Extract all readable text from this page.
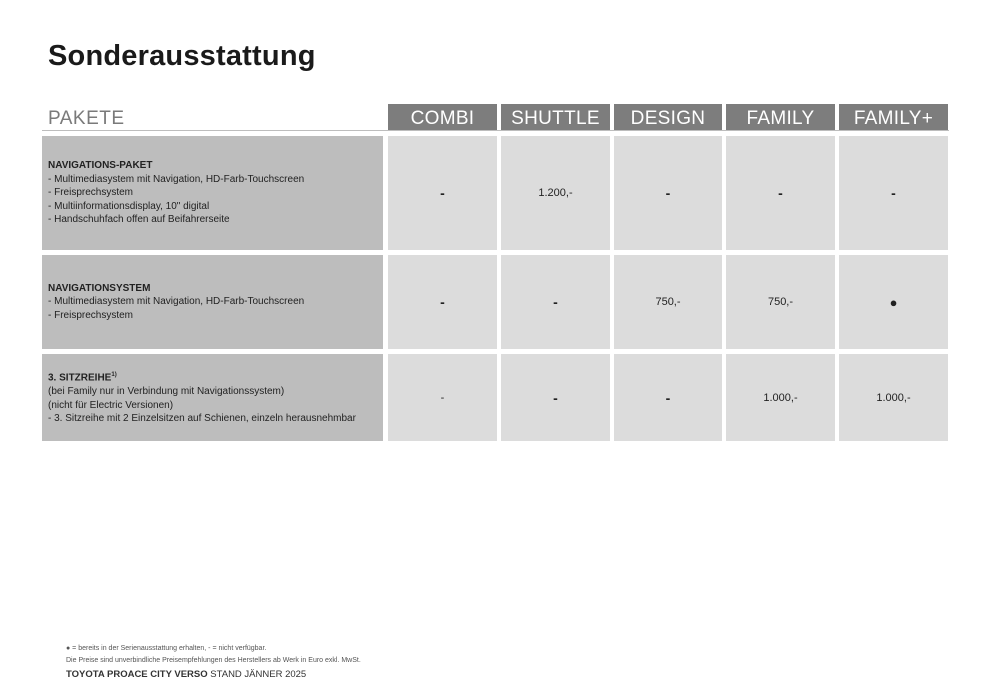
Sonderausstattung
PAKETE	COMBI	SHUTTLE	DESIGN	FAMILY	FAMILY+
NAVIGATIONS-PAKET
- Multimediasystem mit Navigation, HD-Farb-Touchscreen
- Freisprechsystem
- Multiinformationsdisplay, 10" digital
- Handschuhfach offen auf Beifahrerseite
-	1.200,-	-	-	-
NAVIGATIONSYSTEM
- Multimediasystem mit Navigation, HD-Farb-Touchscreen
- Freisprechsystem
-	-	750,-	750,-	●
3. SITZREIHE$^{1)}$
(bei Family nur in Verbindung mit Navigationssystem)
(nicht für Electric Versionen)
- 3. Sitzreihe mit 2 Einzelsitzen auf Schienen, einzeln herausnehmbar
-	-	-	1.000,-	1.000,-
● = bereits in der Serienausstattung erhalten, - = nicht verfügbar.
Die Preise sind unverbindliche Preisempfehlungen des Herstellers ab Werk in Euro exkl. MwSt.
TOYOTA PROACE CITY VERSO STAND JÄNNER 2025
